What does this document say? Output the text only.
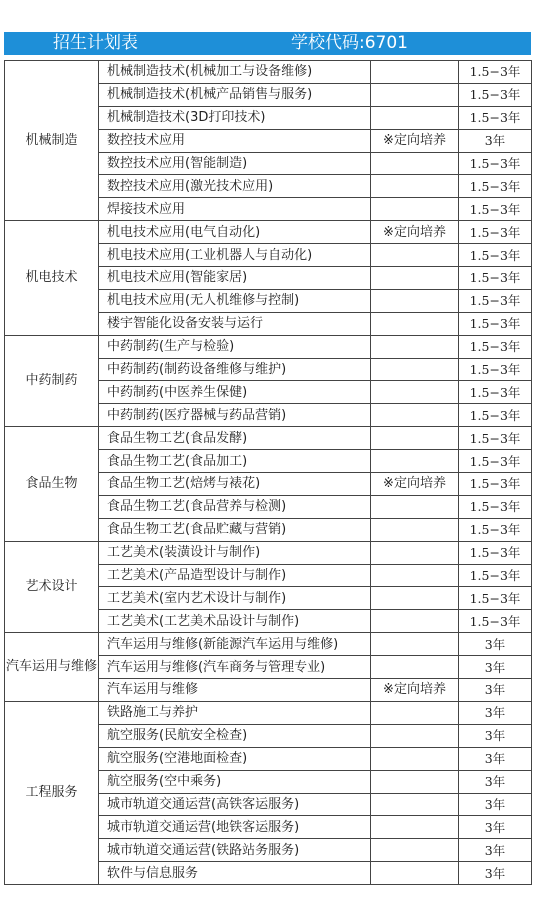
招生计划表	学校代码:6701
机械制造	机械制造技术(机械加工与设备维修)		1.5−3年
	机械制造技术(机械产品销售与服务)		1.5−3年
	机械制造技术(3D打印技术)		1.5−3年
	数控技术应用	※定向培养	3年
	数控技术应用(智能制造)		1.5−3年
	数控技术应用(激光技术应用)		1.5−3年
	焊接技术应用		1.5−3年
机电技术	机电技术应用(电气自动化)	※定向培养	1.5−3年
	机电技术应用(工业机器人与自动化)		1.5−3年
	机电技术应用(智能家居)		1.5−3年
	机电技术应用(无人机维修与控制)		1.5−3年
	楼宇智能化设备安装与运行		1.5−3年
中药制药	中药制药(生产与检验)		1.5−3年
	中药制药(制药设备维修与维护)		1.5−3年
	中药制药(中医养生保健)		1.5−3年
	中药制药(医疗器械与药品营销)		1.5−3年
食品生物	食品生物工艺(食品发酵)		1.5−3年
	食品生物工艺(食品加工)		1.5−3年
	食品生物工艺(焙烤与裱花)	※定向培养	1.5−3年
	食品生物工艺(食品营养与检测)		1.5−3年
	食品生物工艺(食品贮藏与营销)		1.5−3年
艺术设计	工艺美术(装潢设计与制作)		1.5−3年
	工艺美术(产品造型设计与制作)		1.5−3年
	工艺美术(室内艺术设计与制作)		1.5−3年
	工艺美术(工艺美术品设计与制作)		1.5−3年
汽车运用与维修	汽车运用与维修(新能源汽车运用与维修)		3年
	汽车运用与维修(汽车商务与管理专业)		3年
	汽车运用与维修	※定向培养	3年
工程服务	铁路施工与养护		3年
	航空服务(民航安全检查)		3年
	航空服务(空港地面检查)		3年
	航空服务(空中乘务)		3年
	城市轨道交通运营(高铁客运服务)		3年
	城市轨道交通运营(地铁客运服务)		3年
	城市轨道交通运营(铁路站务服务)		3年
	软件与信息服务		3年
